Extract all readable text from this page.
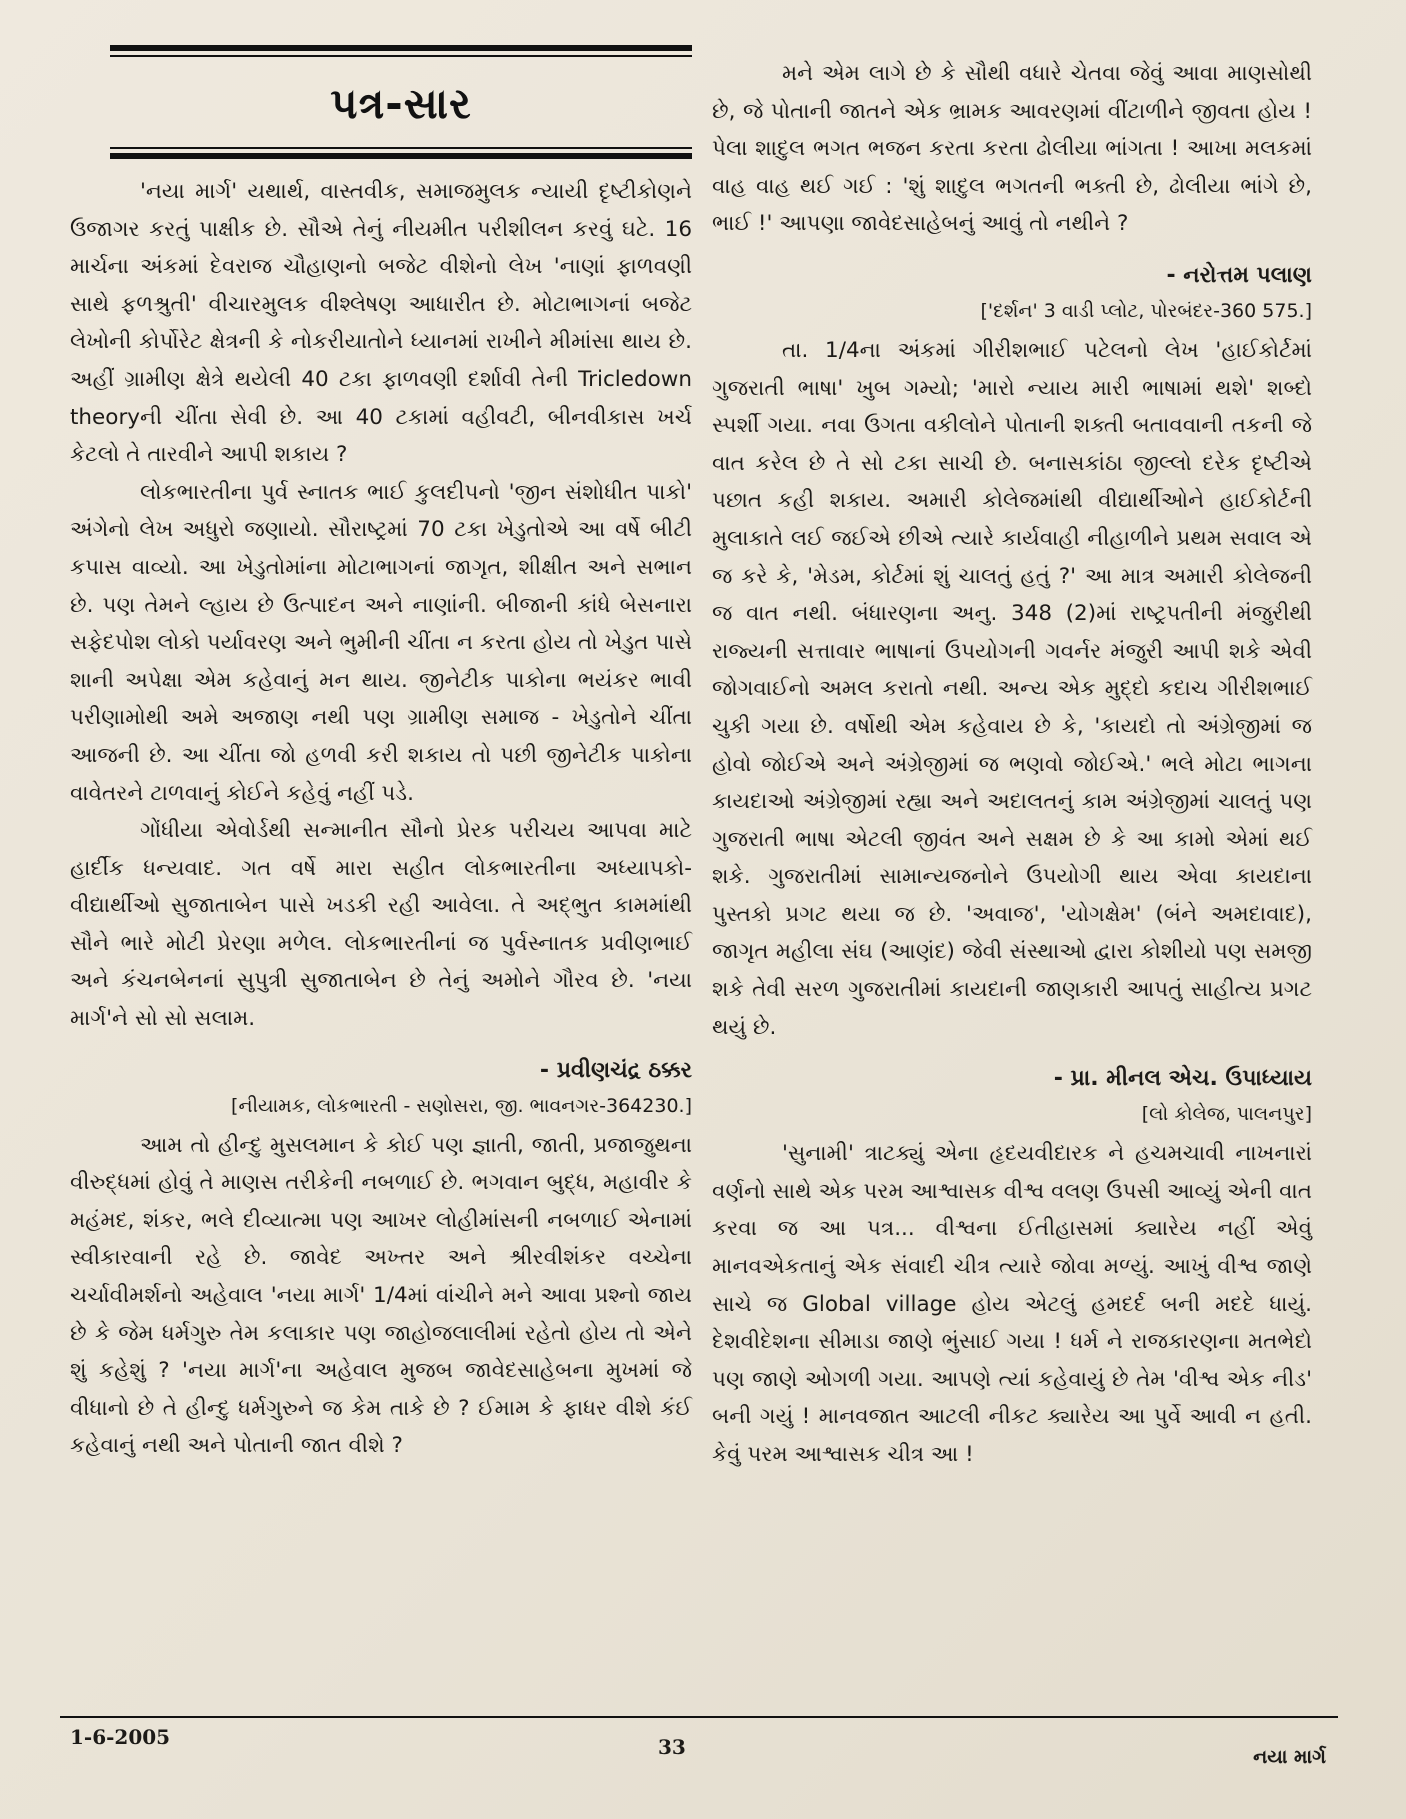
પત્ર-સાર

'નયા માર્ગ' યથાર્થ, વાસ્તવીક, સમાજમુલક ન્યાયી દૃષ્ટીકોણને ઉજાગર કરતું પાક્ષીક છે. સૌએ તેનું નીયમીત પરીશીલન કરવું ઘટે. 16 માર્ચના અંકમાં દેવરાજ ચૌહાણનો બજેટ વીશેનો લેખ 'નાણાં ફાળવણી સાથે ફળશ્રુતી' વીચારમુલક વીશ્લેષણ આધારીત છે. મોટાભાગનાં બજેટ લેખોની કોર્પોરેટ ક્ષેત્રની કે નોકરીયાતોને ધ્યાનમાં રાખીને મીમાંસા થાય છે. અહીં ગ્રામીણ ક્ષેત્રે થયેલી 40 ટકા ફાળવણી દર્શાવી તેની Tricledown theoryની ચીંતા સેવી છે. આ 40 ટકામાં વહીવટી, બીનવીકાસ ખર્ચ કેટલો તે તારવીને આપી શકાય ?

લોકભારતીના પુર્વ સ્નાતક ભાઈ કુલદીપનો 'જીન સંશોધીત પાકો' અંગેનો લેખ અધુરો જણાયો. સૌરાષ્ટ્રમાં 70 ટકા ખેડુતોએ આ વર્ષે બીટી કપાસ વાવ્યો. આ ખેડુતોમાંના મોટાભાગનાં જાગૃત, શીક્ષીત અને સભાન છે. પણ તેમને લ્હાય છે ઉત્પાદન અને નાણાંની. બીજાની કાંધે બેસનારા સફેદપોશ લોકો પર્યાવરણ અને ભુમીની ચીંતા ન કરતા હોય તો ખેડુત પાસે શાની અપેક્ષા એમ કહેવાનું મન થાય. જીનેટીક પાકોના ભયંકર ભાવી પરીણામોથી અમે અજાણ નથી પણ ગ્રામીણ સમાજ - ખેડુતોને ચીંતા આજની છે. આ ચીંતા જો હળવી કરી શકાય તો પછી જીનેટીક પાકોના વાવેતરને ટાળવાનું કોઈને કહેવું નહીં પડે.

ગોંધીયા એવોર્ડથી સન્માનીત સૌનો પ્રેરક પરીચય આપવા માટે હાર્દીક ધન્યવાદ. ગત વર્ષે મારા સહીત લોકભારતીના અધ્યાપકો-વીદ્યાર્થીઓ સુજાતાબેન પાસે ખડકી રહી આવેલા. તે અદ્ભુત કામમાંથી સૌને ભારે મોટી પ્રેરણા મળેલ. લોકભારતીનાં જ પુર્વસ્નાતક પ્રવીણભાઈ અને કંચનબેનનાં સુપુત્રી સુજાતાબેન છે તેનું અમોને ગૌરવ છે. 'નયા માર્ગ'ને સો સો સલામ.

- પ્રવીણચંદ્ર ઠક્કર
[નીયામક, લોકભારતી - સણોસરા, જી. ભાવનગર-364230.]

આમ તો હીન્દુ મુસલમાન કે કોઈ પણ જ્ઞાતી, જાતી, પ્રજાજુથના વીરુદ્ધમાં હોવું તે માણસ તરીકેની નબળાઈ છે. ભગવાન બુદ્ધ, મહાવીર કે મહંમદ, શંકર, ભલે દીવ્યાત્મા પણ આખર લોહીમાંસની નબળાઈ એનામાં સ્વીકારવાની રહે છે. જાવેદ અખ્તર અને શ્રીરવીશંકર વચ્ચેના ચર્ચાવીમર્શનો અહેવાલ 'નયા માર્ગ' 1/4માં વાંચીને મને આવા પ્રશ્નો જાય છે કે જેમ ધર્મગુરુ તેમ કલાકાર પણ જાહોજલાલીમાં રહેતો હોય તો એને શું કહેશું ? 'નયા માર્ગ'ના અહેવાલ મુજબ જાવેદસાહેબના મુખમાં જે વીધાનો છે તે હીન્દુ ધર્મગુરુને જ કેમ તાકે છે ? ઈમામ કે ફાધર વીશે કંઈ કહેવાનું નથી અને પોતાની જાત વીશે ?

મને એમ લાગે છે કે સૌથી વધારે ચેતવા જેવું આવા માણસોથી છે, જે પોતાની જાતને એક ભ્રામક આવરણમાં વીંટાળીને જીવતા હોય ! પેલા શાદુલ ભગત ભજન કરતા કરતા ઢોલીયા ભાંગતા ! આખા મલકમાં વાહ વાહ થઈ ગઈ : 'શું શાદુલ ભગતની ભક્તી છે, ઢોલીયા ભાંગે છે, ભાઈ !' આપણા જાવેદસાહેબનું આવું તો નથીને ?

- નરોત્તમ પલાણ
['દર્શન' 3 વાડી પ્લોટ, પોરબંદર-360 575.]

તા. 1/4ના અંકમાં ગીરીશભાઈ પટેલનો લેખ 'હાઈકોર્ટમાં ગુજરાતી ભાષા' ખુબ ગમ્યો; 'મારો ન્યાય મારી ભાષામાં થશે' શબ્દો સ્પર્શી ગયા. નવા ઉગતા વકીલોને પોતાની શક્તી બતાવવાની તકની જે વાત કરેલ છે તે સો ટકા સાચી છે. બનાસકાંઠા જીલ્લો દરેક દૃષ્ટીએ પછાત કહી શકાય. અમારી કોલેજમાંથી વીદ્યાર્થીઓને હાઈકોર્ટની મુલાકાતે લઈ જઈએ છીએ ત્યારે કાર્યવાહી નીહાળીને પ્રથમ સવાલ એ જ કરે કે, 'મેડમ, કોર્ટમાં શું ચાલતું હતું ?' આ માત્ર અમારી કોલેજની જ વાત નથી. બંધારણના અનુ. 348 (2)માં રાષ્ટ્રપતીની મંજુરીથી રાજ્યની સત્તાવાર ભાષાનાં ઉપયોગની ગવર્નર મંજુરી આપી શકે એવી જોગવાઈનો અમલ કરાતો નથી. અન્ય એક મુદ્દો કદાચ ગીરીશભાઈ ચુકી ગયા છે. વર્ષોથી એમ કહેવાય છે કે, 'કાયદો તો અંગ્રેજીમાં જ હોવો જોઈએ અને અંગ્રેજીમાં જ ભણવો જોઈએ.' ભલે મોટા ભાગના કાયદાઓ અંગ્રેજીમાં રહ્યા અને અદાલતનું કામ અંગ્રેજીમાં ચાલતું પણ ગુજરાતી ભાષા એટલી જીવંત અને સક્ષમ છે કે આ કામો એમાં થઈ શકે. ગુજરાતીમાં સામાન્યજનોને ઉપયોગી થાય એવા કાયદાના પુસ્તકો પ્રગટ થયા જ છે. 'અવાજ', 'યોગક્ષેમ' (બંને અમદાવાદ), જાગૃત મહીલા સંઘ (આણંદ) જેવી સંસ્થાઓ દ્વારા કોશીયો પણ સમજી શકે તેવી સરળ ગુજરાતીમાં કાયદાની જાણકારી આપતું સાહીત્ય પ્રગટ થયું છે.

- પ્રા. મીનલ એચ. ઉપાધ્યાય
[લો કોલેજ, પાલનપુર]

'સુનામી' ત્રાટક્યું એના હૃદયવીદારક ને હચમચાવી નાખનારાં વર્ણનો સાથે એક પરમ આશ્વાસક વીશ્વ વલણ ઉપસી આવ્યું એની વાત કરવા જ આ પત્ર... વીશ્વના ઈતીહાસમાં ક્યારેય નહીં એવું માનવએકતાનું એક સંવાદી ચીત્ર ત્યારે જોવા મળ્યું. આખું વીશ્વ જાણે સાચે જ Global village હોય એટલું હમદર્દ બની મદદે ધાયું. દેશવીદેશના સીમાડા જાણે ભુંસાઈ ગયા ! ધર્મ ને રાજકારણના મતભેદો પણ જાણે ઓગળી ગયા. આપણે ત્યાં કહેવાયું છે તેમ 'વીશ્વ એક નીડ' બની ગયું ! માનવજાત આટલી નીકટ ક્યારેય આ પુર્વે આવી ન હતી. કેવું પરમ આશ્વાસક ચીત્ર આ !

1-6-2005	33	નયા માર્ગ
